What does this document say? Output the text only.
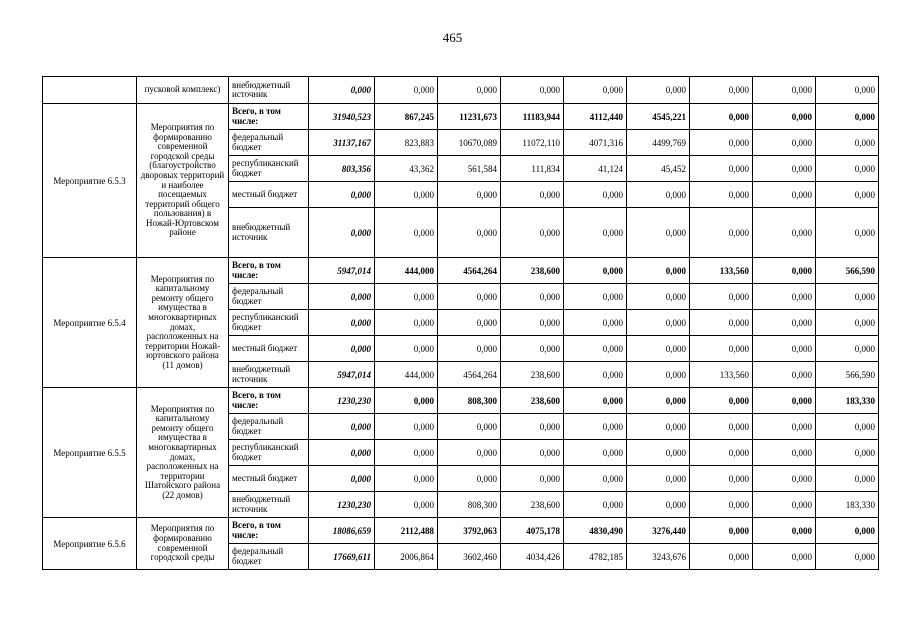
465
	пусковой комплекс)	внебюджетный источник	0,000	0,000	0,000	0,000	0,000	0,000	0,000	0,000	0,000
Мероприятие 6.5.3	Мероприятия по формированию современной городской среды (благоустройство дворовых территорий и наиболее посещаемых территорий общего пользования) в Ножай-Юртовском районе	Всего, в том числе:	31940,523	867,245	11231,673	11183,944	4112,440	4545,221	0,000	0,000	0,000
		федеральный бюджет	31137,167	823,883	10670,089	11072,110	4071,316	4499,769	0,000	0,000	0,000
		республиканский бюджет	803,356	43,362	561,584	111,834	41,124	45,452	0,000	0,000	0,000
		местный бюджет	0,000	0,000	0,000	0,000	0,000	0,000	0,000	0,000	0,000
		внебюджетный источник	0,000	0,000	0,000	0,000	0,000	0,000	0,000	0,000	0,000
Мероприятие 6.5.4	Мероприятия по капитальному ремонту общего имущества в многоквартирных домах, расположенных на территории Ножай-юртовского района (11 домов)	Всего, в том числе:	5947,014	444,000	4564,264	238,600	0,000	0,000	133,560	0,000	566,590
		федеральный бюджет	0,000	0,000	0,000	0,000	0,000	0,000	0,000	0,000	0,000
		республиканский бюджет	0,000	0,000	0,000	0,000	0,000	0,000	0,000	0,000	0,000
		местный бюджет	0,000	0,000	0,000	0,000	0,000	0,000	0,000	0,000	0,000
		внебюджетный источник	5947,014	444,000	4564,264	238,600	0,000	0,000	133,560	0,000	566,590
Мероприятие 6.5.5	Мероприятия по капитальному ремонту общего имущества в многоквартирных домах, расположенных на территории Шатойского района (22 домов)	Всего, в том числе:	1230,230	0,000	808,300	238,600	0,000	0,000	0,000	0,000	183,330
		федеральный бюджет	0,000	0,000	0,000	0,000	0,000	0,000	0,000	0,000	0,000
		республиканский бюджет	0,000	0,000	0,000	0,000	0,000	0,000	0,000	0,000	0,000
		местный бюджет	0,000	0,000	0,000	0,000	0,000	0,000	0,000	0,000	0,000
		внебюджетный источник	1230,230	0,000	808,300	238,600	0,000	0,000	0,000	0,000	183,330
Мероприятие 6.5.6	Мероприятия по формированию современной городской среды	Всего, в том числе:	18086,659	2112,488	3792,063	4075,178	4830,490	3276,440	0,000	0,000	0,000
		федеральный бюджет	17669,611	2006,864	3602,460	4034,426	4782,185	3243,676	0,000	0,000	0,000
